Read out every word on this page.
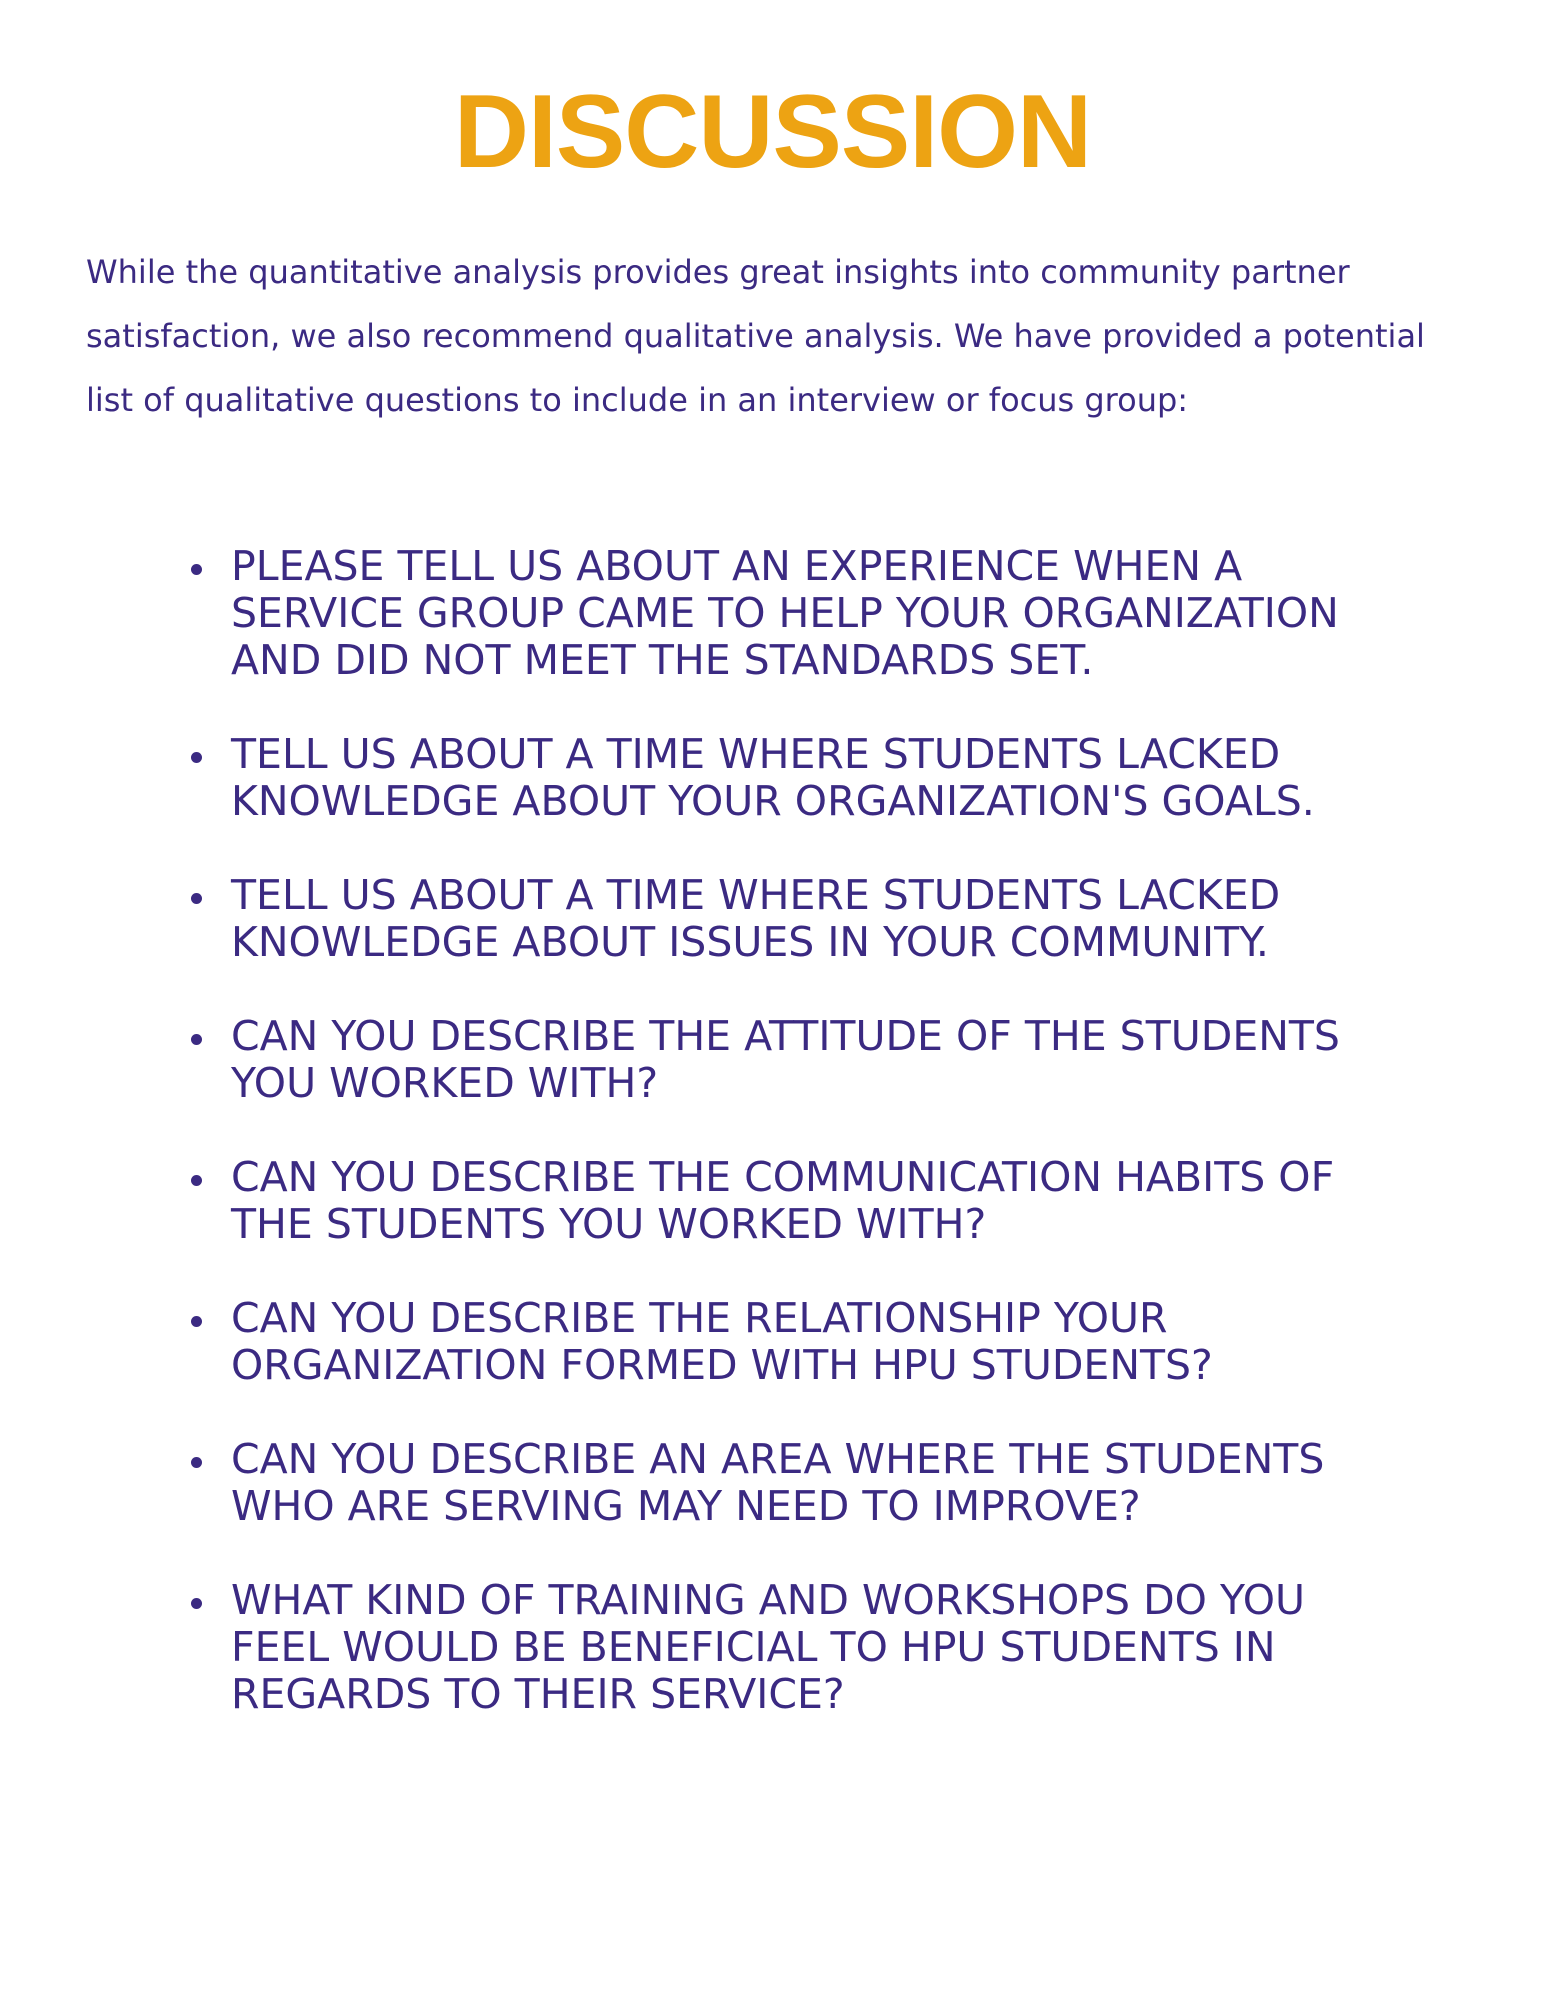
DISCUSSION

While the quantitative analysis provides great insights into community partner satisfaction, we also recommend qualitative analysis. We have provided a potential list of qualitative questions to include in an interview or focus group:

PLEASE TELL US ABOUT AN EXPERIENCE WHEN A SERVICE GROUP CAME TO HELP YOUR ORGANIZATION AND DID NOT MEET THE STANDARDS SET.
TELL US ABOUT A TIME WHERE STUDENTS LACKED KNOWLEDGE ABOUT YOUR ORGANIZATION'S GOALS.
TELL US ABOUT A TIME WHERE STUDENTS LACKED KNOWLEDGE ABOUT ISSUES IN YOUR COMMUNITY.
CAN YOU DESCRIBE THE ATTITUDE OF THE STUDENTS YOU WORKED WITH?
CAN YOU DESCRIBE THE COMMUNICATION HABITS OF THE STUDENTS YOU WORKED WITH?
CAN YOU DESCRIBE THE RELATIONSHIP YOUR ORGANIZATION FORMED WITH HPU STUDENTS?
CAN YOU DESCRIBE AN AREA WHERE THE STUDENTS WHO ARE SERVING MAY NEED TO IMPROVE?
WHAT KIND OF TRAINING AND WORKSHOPS DO YOU FEEL WOULD BE BENEFICIAL TO HPU STUDENTS IN REGARDS TO THEIR SERVICE?
